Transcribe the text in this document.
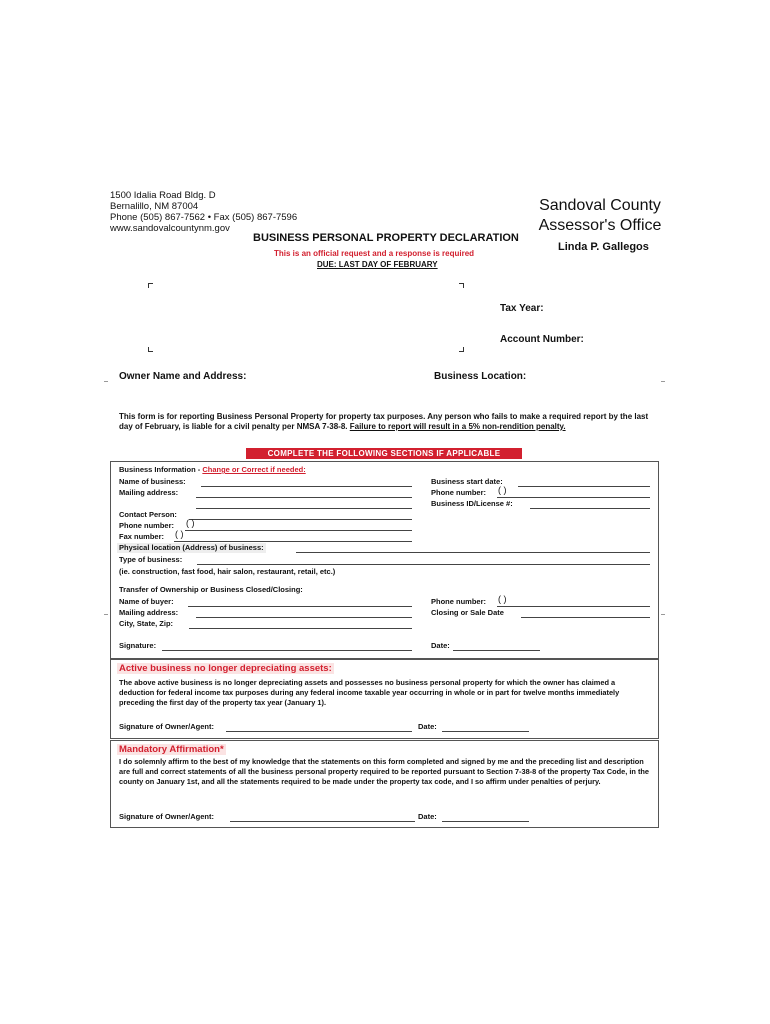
1500 Idalia Road Bldg. D
Bernalillo, NM 87004
Phone (505) 867-7562 • Fax (505) 867-7596
www.sandovalcountynm.gov
Sandoval County
Assessor's Office
Linda P. Gallegos
BUSINESS PERSONAL PROPERTY DECLARATION
This is an official request and a response is required
DUE: LAST DAY OF FEBRUARY
Tax Year:
Account Number:
Owner Name and Address:	Business Location:
This form is for reporting Business Personal Property for property tax purposes. Any person who fails to make a required report by the last day of February, is liable for a civil penalty per NMSA 7-38-8. Failure to report will result in a 5% non-rendition penalty.
COMPLETE THE FOLLOWING SECTIONS IF APPLICABLE
Business Information - Change or Correct if needed:
Name of business:
Mailing address:
Business start date:
Phone number: ( )
Business ID/License #:
Contact Person:
Phone number: ( )
Fax number: ( )
Physical location (Address) of business:
Type of business:
(ie. construction, fast food, hair salon, restaurant, retail, etc.)
Transfer of Ownership or Business Closed/Closing:
Name of buyer:
Mailing address:
City, State, Zip:
Phone number: ( )
Closing or Sale Date
Signature:	Date:
Active business no longer depreciating assets:
The above active business is no longer depreciating assets and possesses no business personal property for which the owner has claimed a deduction for federal income tax purposes during any federal income taxable year occurring in whole or in part for twelve months immediately preceding the first day of the property tax year (January 1).
Signature of Owner/Agent:	Date:
Mandatory Affirmation*
I do solemnly affirm to the best of my knowledge that the statements on this form completed and signed by me and the preceding list and description are full and correct statements of all the business personal property required to be reported pursuant to Section 7-38-8 of the property Tax Code, in the county on January 1st, and all the statements required to be made under the property tax code, and I so affirm under penalties of perjury.
Signature of Owner/Agent:	Date:
